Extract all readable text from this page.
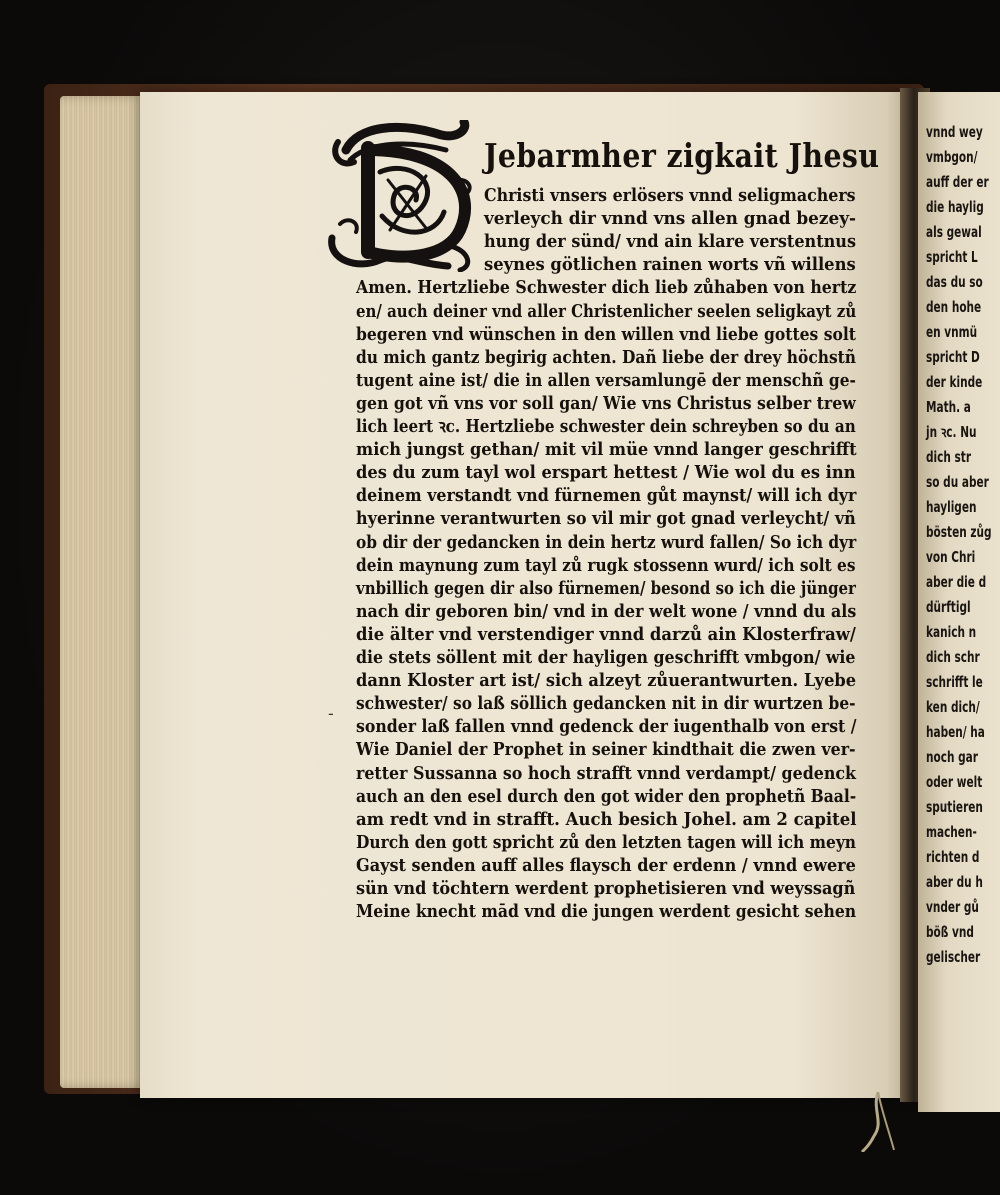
vnnd wey
vmbgon/
auff der er
die haylig
als gewal
spricht L
das du so
den hohe
en vnmü
spricht D
der kinde
Math. a
jn ꝛc. Nu
dich str
so du aber
hayligen
bösten zůg
von Chri
aber die d
dürftigl
kanich n
dich schr
schrifft le
ken dich/
haben/ ha
noch gar
oder welt
sputieren
machen-
richten d
aber du h
vnder gů
böß vnd
gelischer
Jebarmher zigkait Jhesu
Christi vnsers erlösers vnnd seligmachers
verleych dir vnnd vns allen gnad bezey-
hung der sünd/ vnd ain klare verstentnus
seynes götlichen rainen worts vñ willens
Amen. Hertzliebe Schwester dich lieb zůhaben von hertz
en/ auch deiner vnd aller Christenlicher seelen seligkayt zů
begeren vnd wünschen in den willen vnd liebe gottes solt
du mich gantz begirig achten. Dañ liebe der drey höchstñ
tugent aine ist/ die in allen versamlungē der menschñ ge-
gen got vñ vns vor soll gan/ Wie vns Christus selber trew
lich leert ꝛc. Hertzliebe schwester dein schreyben so du an
mich jungst gethan/ mit vil müe vnnd langer geschrifft
des du zum tayl wol erspart hettest / Wie wol du es inn
deinem verstandt vnd fürnemen gůt maynst/ will ich dyr
hyerinne verantwurten so vil mir got gnad verleycht/ vñ
ob dir der gedancken in dein hertz wurd fallen/ So ich dyr
dein maynung zum tayl zů rugk stossenn wurd/ ich solt es
vnbillich gegen dir also fürnemen/ besond so ich die jünger
nach dir geboren bin/ vnd in der welt wone / vnnd du als
die älter vnd verstendiger vnnd darzů ain Klosterfraw/
die stets söllent mit der hayligen geschrifft vmbgon/ wie
dann Kloster art ist/ sich alzeyt zůuerantwurten. Lyebe
schwester/ so laß söllich gedancken nit in dir wurtzen be-
sonder laß fallen vnnd gedenck der iugenthalb von erst /
Wie Daniel der Prophet in seiner kindthait die zwen ver-
retter Sussanna so hoch strafft vnnd verdampt/ gedenck
auch an den esel durch den got wider den prophetñ Baal-
am redt vnd in strafft. Auch besich Johel. am 2 capitel
Durch den gott spricht zů den letzten tagen will ich meyn
Gayst senden auff alles flaysch der erdenn / vnnd ewere
sün vnd töchtern werdent prophetisieren vnd weyssagñ
Meine knecht mād vnd die jungen werdent gesicht sehen
-
